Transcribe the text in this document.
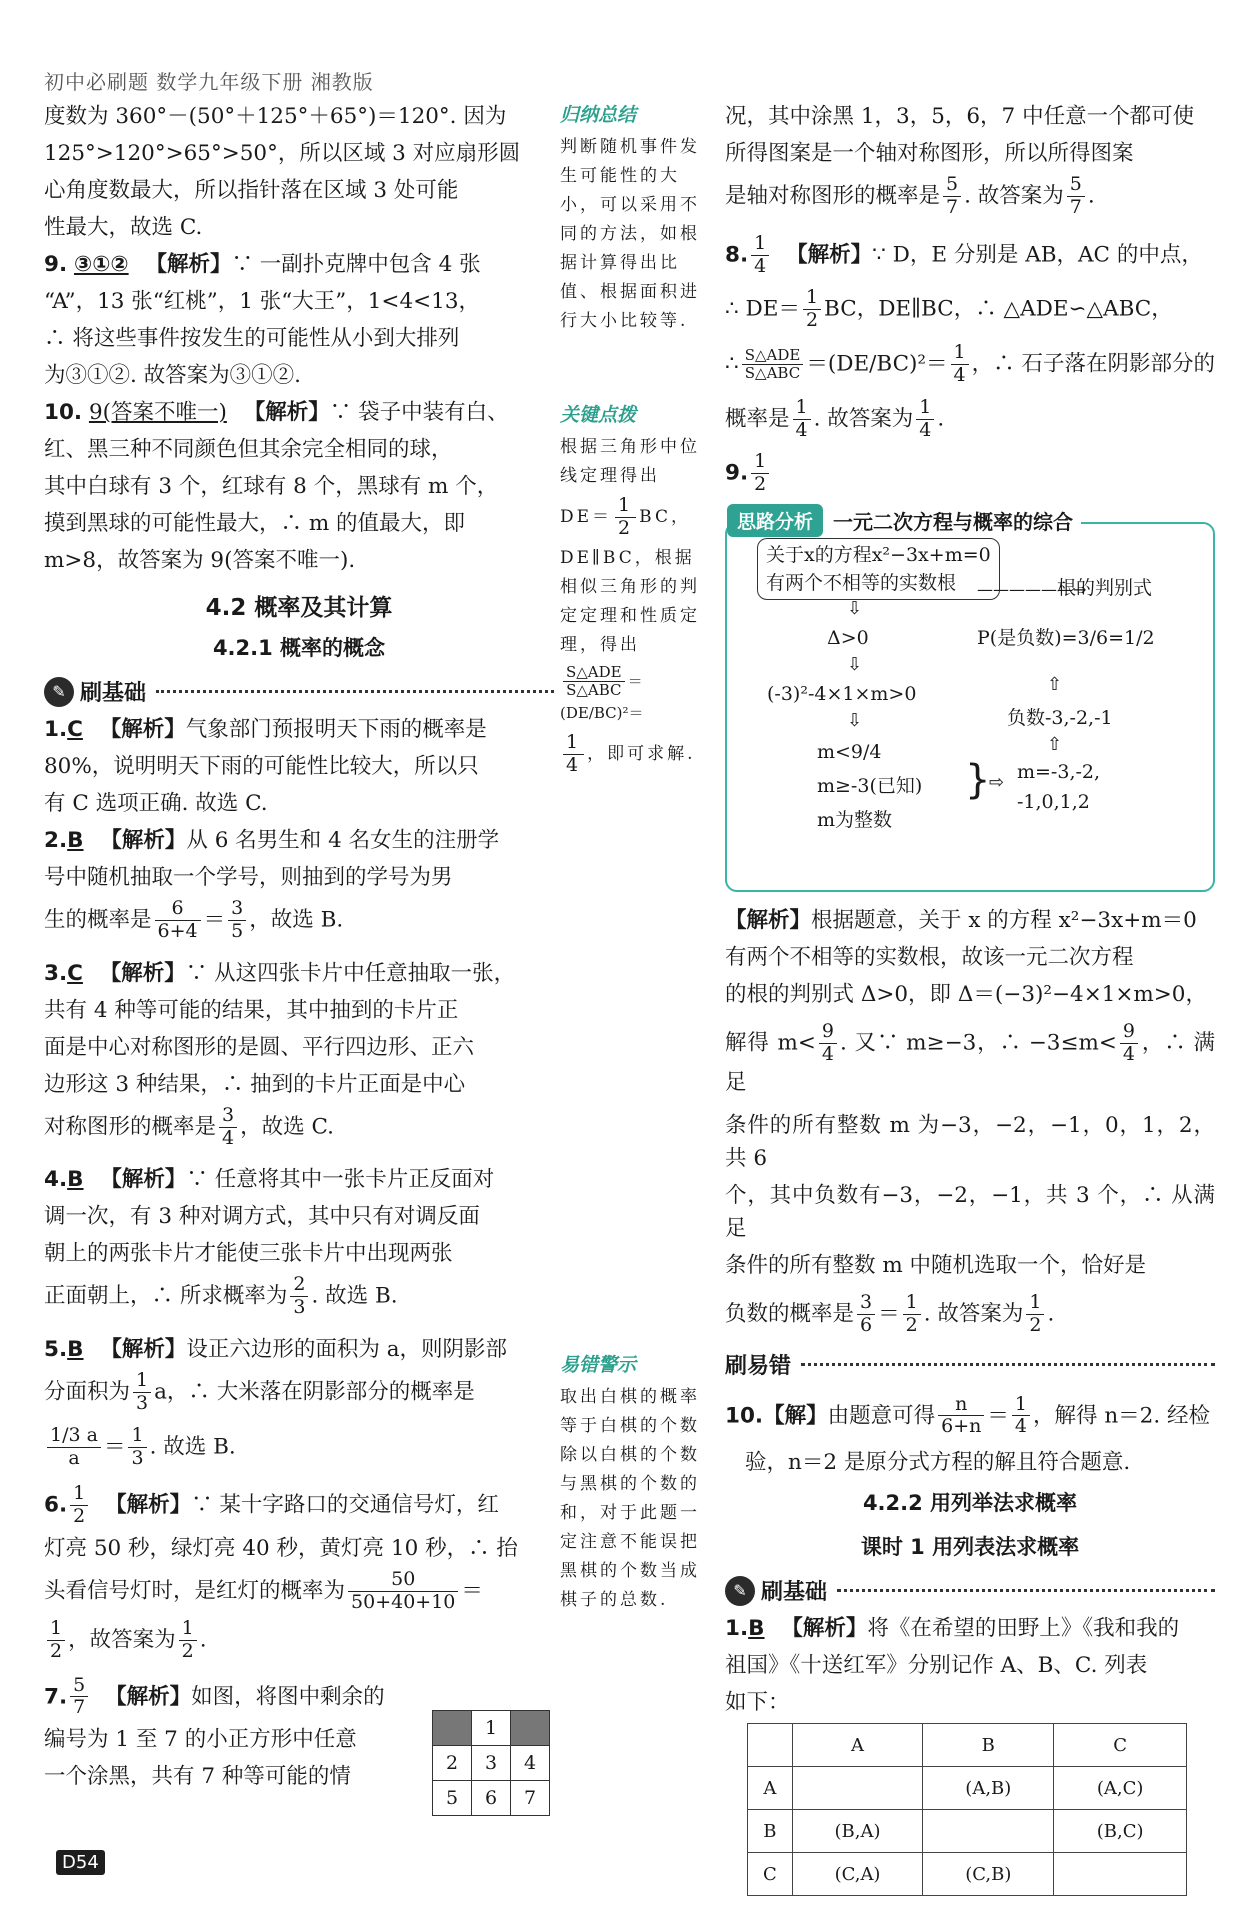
初中必刷题 数学九年级下册 湘教版

度数为 360°－(50°＋125°＋65°)＝120°. 因为

125°>120°>65°>50°，所以区域 3 对应扇形圆

心角度数最大，所以指针落在区域 3 处可能

性最大，故选 C.

9. ③①② 【解析】∵ 一副扑克牌中包含 4 张

“A”，13 张“红桃”，1 张“大王”，1<4<13，

∴ 将这些事件按发生的可能性从小到大排列

为③①②. 故答案为③①②.

10. 9(答案不唯一) 【解析】∵ 袋子中装有白、

红、黑三种不同颜色但其余完全相同的球，

其中白球有 3 个，红球有 8 个，黑球有 m 个，

摸到黑球的可能性最大，∴ m 的值最大，即

m>8，故答案为 9(答案不唯一).

4.2 概率及其计算
4.2.1 概率的概念
✎ 刷基础

1.C 【解析】气象部门预报明天下雨的概率是

80%，说明明天下雨的可能性比较大，所以只

有 C 选项正确. 故选 C.

2.B 【解析】从 6 名男生和 4 名女生的注册学

号中随机抽取一个学号，则抽到的学号为男

生的概率是 $\frac{6}{6+4} = \frac{3}{5}$ ，故选 B.

3.C 【解析】∵ 从这四张卡片中任意抽取一张，

共有 4 种等可能的结果，其中抽到的卡片正

面是中心对称图形的是圆、平行四边形、正六

边形这 3 种结果，∴ 抽到的卡片正面是中心

对称图形的概率是 $\frac{3}{4}$ ，故选 C.

4.B 【解析】∵ 任意将其中一张卡片正反面对

调一次，有 3 种对调方式，其中只有对调反面

朝上的两张卡片才能使三张卡片中出现两张

正面朝上，∴ 所求概率为 $\frac{2}{3}$ . 故选 B.

5.B 【解析】设正六边形的面积为 a，则阴影部

分面积为 $\frac{1}{3}$ a，∴ 大米落在阴影部分的概率是

$\frac{1/3 a}{a} = \frac{1}{3}$ . 故选 B.

6. $\frac{1}{2}$ 【解析】∵ 某十字路口的交通信号灯，红

灯亮 50 秒，绿灯亮 40 秒，黄灯亮 10 秒，∴ 抬

头看信号灯时，是红灯的概率为 $\frac{50}{50+40+10}$ ＝

$\frac{1}{2}$ ，故答案为 $\frac{1}{2}$ .

7. $\frac{5}{7}$ 【解析】如图，将图中剩余的

编号为 1 至 7 的小正方形中任意

一个涂黑，共有 7 种等可能的情

	1	
2	3	4
5	6	7
归纳总结
判断随机事件发生可能性的大小，可以采用不同的方法，如根据计算得出比值、根据面积进行大小比较等.
关键点拨
根据三角形中位线定理得出
$DE= \frac{1}{2}$ BC，
DE∥BC，根据相似三角形的判定定理和性质定理，得出
$\frac{\text{S△ADE}}{\text{S△ABC}} =(DE/BC)^2=$
$\frac{1}{4}$ ，即可求解.
易错警示
取出白棋的概率等于白棋的个数除以白棋的个数与黑棋的个数的和，对于此题一定注意不能误把黑棋的个数当成棋子的总数.

况，其中涂黑 1，3，5，6，7 中任意一个都可使

所得图案是一个轴对称图形，所以所得图案

是轴对称图形的概率是 $\frac{5}{7}$ . 故答案为 $\frac{5}{7}$ .

8. $\frac{1}{4}$ 【解析】∵ D，E 分别是 AB，AC 的中点，

∴ $DE= \frac{1}{2}$ BC，DE∥BC，∴ △ADE∽△ABC，

∴ $\frac{\text{S△ADE}}{\text{S△ABC}} =(DE/BC)^2= \frac{1}{4}$ ，∴ 石子落在阴影部分的

概率是 $\frac{1}{4}$ . 故答案为 $\frac{1}{4}$ .

9. $\frac{1}{2}$

思路分析	一元二次方程与概率的综合
关于x的方程x²−3x+m=0
有两个不相等的实数根
⇩
——————→
根的判别式
Δ>0
⇩
(-3)²-4×1×m>0
⇩
m<9/4
m≥-3(已知)
m为整数
}
⇨ m=-3,-2,
-1,0,1,2
⇧
负数-3,-2,-1
⇧
P(是负数)=3/6=1/2

【解析】根据题意，关于 x 的方程 x²−3x+m＝0

有两个不相等的实数根，故该一元二次方程

的根的判别式 Δ>0，即 Δ＝(−3)²−4×1×m>0，

解得 $m< \frac{9}{4}$ . 又∵ m≥−3，∴ $-3\le m< \frac{9}{4}$ ，∴ 满足

条件的所有整数 m 为−3，−2，−1，0，1，2，共 6

个，其中负数有−3，−2，−1，共 3 个，∴ 从满足

条件的所有整数 m 中随机选取一个，恰好是

负数的概率是 $\frac{3}{6} = \frac{1}{2}$ . 故答案为 $\frac{1}{2}$ .

刷易错

10.【解】由题意可得 $\frac{n}{6+n} = \frac{1}{4}$ ，解得 n＝2. 经检

验，n＝2 是原分式方程的解且符合题意.

4.2.2 用列举法求概率
课时 1 用列表法求概率
✎ 刷基础

1.B 【解析】将《在希望的田野上》《我和我的

祖国》《十送红军》分别记作 A、B、C. 列表

如下：

	A	B	C
A		(A,B)	(A,C)
B	(B,A)		(B,C)
C	(C,A)	(C,B)	
D54
